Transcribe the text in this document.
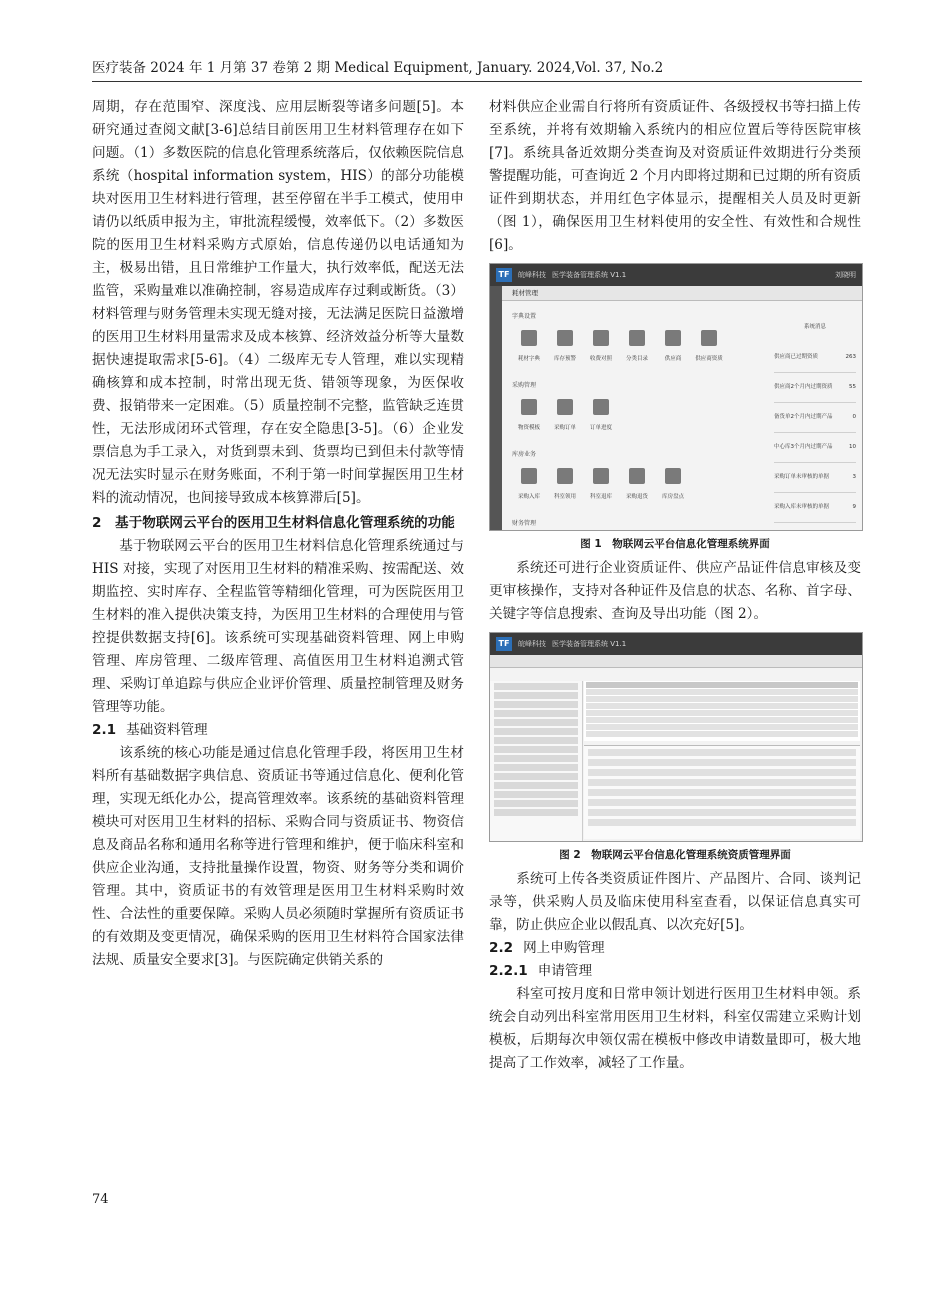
医疗装备 2024 年 1 月第 37 卷第 2 期 Medical Equipment, January. 2024,Vol. 37, No.2

周期，存在范围窄、深度浅、应用层断裂等诸多问题[5]。本研究通过查阅文献[3-6]总结目前医用卫生材料管理存在如下问题。（1）多数医院的信息化管理系统落后，仅依赖医院信息系统（hospital information system，HIS）的部分功能模块对医用卫生材料进行管理，甚至停留在半手工模式，使用申请仍以纸质申报为主，审批流程缓慢，效率低下。（2）多数医院的医用卫生材料采购方式原始，信息传递仍以电话通知为主，极易出错，且日常维护工作量大，执行效率低，配送无法监管，采购量难以准确控制，容易造成库存过剩或断货。（3）材料管理与财务管理未实现无缝对接，无法满足医院日益激增的医用卫生材料用量需求及成本核算、经济效益分析等大量数据快速提取需求[5-6]。（4）二级库无专人管理，难以实现精确核算和成本控制，时常出现无货、错领等现象，为医保收费、报销带来一定困难。（5）质量控制不完整，监管缺乏连贯性，无法形成闭环式管理，存在安全隐患[3-5]。（6）企业发票信息为手工录入，对货到票未到、货票均已到但未付款等情况无法实时显示在财务账面，不利于第一时间掌握医用卫生材料的流动情况，也间接导致成本核算滞后[5]。

2　基于物联网云平台的医用卫生材料信息化管理系统的功能

基于物联网云平台的医用卫生材料信息化管理系统通过与 HIS 对接，实现了对医用卫生材料的精准采购、按需配送、效期监控、实时库存、全程监管等精细化管理，可为医院医用卫生材料的准入提供决策支持，为医用卫生材料的合理使用与管控提供数据支持[6]。该系统可实现基础资料管理、网上申购管理、库房管理、二级库管理、高值医用卫生材料追溯式管理、采购订单追踪与供应企业评价管理、质量控制管理及财务管理等功能。

2.1 基础资料管理

该系统的核心功能是通过信息化管理手段，将医用卫生材料所有基础数据字典信息、资质证书等通过信息化、便利化管理，实现无纸化办公，提高管理效率。该系统的基础资料管理模块可对医用卫生材料的招标、采购合同与资质证书、物资信息及商品名称和通用名称等进行管理和维护，便于临床科室和供应企业沟通，支持批量操作设置，物资、财务等分类和调价管理。其中，资质证书的有效管理是医用卫生材料采购时效性、合法性的重要保障。采购人员必须随时掌握所有资质证书的有效期及变更情况，确保采购的医用卫生材料符合国家法律法规、质量安全要求[3]。与医院确定供销关系的

材料供应企业需自行将所有资质证件、各级授权书等扫描上传至系统，并将有效期输入系统内的相应位置后等待医院审核[7]。系统具备近效期分类查询及对资质证件效期进行分类预警提醒功能，可查询近 2 个月内即将过期和已过期的所有资质证件到期状态，并用红色字体显示，提醒相关人员及时更新（图 1），确保医用卫生材料使用的安全性、有效性和合规性[6]。

TF	皖峰科技 医学装备管理系统 V1.1	刘晓明
耗材管理
字典设置
耗材字典	库存预警	收费对照	分类目录	供应商	供应商资质
采购管理
物资模板	采购订单	订单进度
库房业务
采购入库	科室领用	科室退库	采购退货	库房盘点
财务管理
系统消息
供应商已过期资质	263
供应商2个月内过期资质	55
备货单2个月内过期产品	0
中心库3个月内过期产品	10
采购订单未审核的单据	3
采购入库未审核的单据	9
图 1　物联网云平台信息化管理系统界面

系统还可进行企业资质证件、供应产品证件信息审核及变更审核操作，支持对各种证件及信息的状态、名称、首字母、关键字等信息搜索、查询及导出功能（图 2）。

TF	皖峰科技 医学装备管理系统 V1.1
图 2　物联网云平台信息化管理系统资质管理界面

系统可上传各类资质证件图片、产品图片、合同、谈判记录等，供采购人员及临床使用科室查看，以保证信息真实可靠，防止供应企业以假乱真、以次充好[5]。

2.2 网上申购管理
2.2.1 申请管理

科室可按月度和日常申领计划进行医用卫生材料申领。系统会自动列出科室常用医用卫生材料，科室仅需建立采购计划模板，后期每次申领仅需在模板中修改申请数量即可，极大地提高了工作效率，减轻了工作量。

74
